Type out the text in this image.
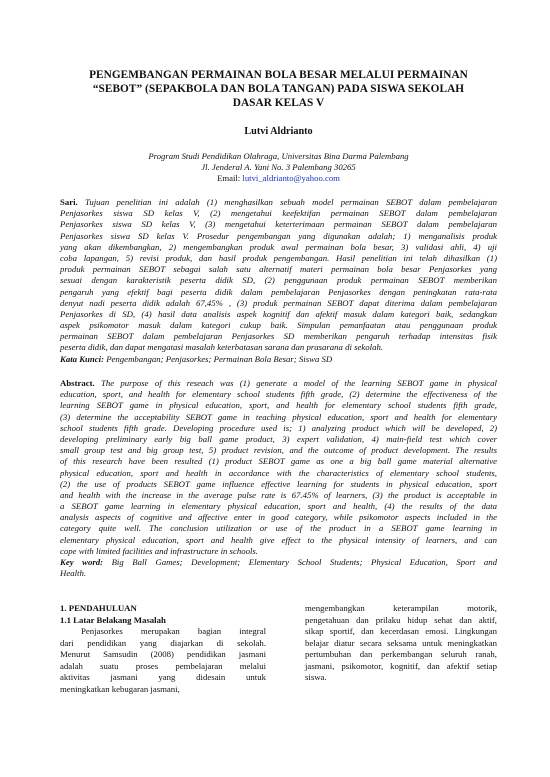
PENGEMBANGAN PERMAINAN BOLA BESAR MELALUI PERMAINAN
“SEBOT” (SEPAKBOLA DAN BOLA TANGAN) PADA SISWA SEKOLAH
DASAR KELAS V
Lutvi Aldrianto
Program Studi Pendidikan Olahraga, Universitas Bina Darma Palembang
Jl. Jenderal A. Yani No. 3 Palembang 30265
Email: lutvi_aldrianto@yahoo.com
Sari. Tujuan penelitian ini adalah (1) menghasilkan sebuah model permainan SEBOT dalam pembelajaran
Penjasorkes siswa SD kelas V, (2) mengetahui keefektifan permainan SEBOT dalam pembelajaran
Penjasorkes siswa SD kelas V, (3) mengetahui keterterimaan permainan SEBOT dalam pembelajaran
Penjasorkes siswa SD kelas V. Prosedur pengembangan yang digunakan adalah; 1) menganalisis produk
yang akan dikembangkan, 2) mengembangkan produk awal permainan bola besar, 3) validasi ahli, 4) uji
coba lapangan, 5) revisi produk, dan hasil produk pengembangan. Hasil penelitian ini telah dihasilkan (1)
produk permainan SEBOT sebagai salah satu alternatif materi permainan bola besar Penjasorkes yang
sesuai dengan karakteristik peserta didik SD, (2) penggunaan produk permainan SEBOT memberikan
pengaruh yang efektif bagi peserta didik dalam pembelajaran Penjasorkes dengan peningkatan rata-rata
denyut nadi peserta didik adalah 67,45% , (3) produk permainan SEBOT dapat diterima dalam pembelajaran
Penjasorkes di SD, (4) hasil data analisis aspek kognitif dan afektif masuk dalam kategori baik, sedangkan
aspek psikomotor masuk dalam kategori cukup baik. Simpulan pemanfaatan atau penggunaan produk
permainan SEBOT dalam pembelajaran Penjasorkes SD memberikan pengaruh terhadap intensitas fisik
peserta didik, dan dapat mengatasi masalah keterbatasan sarana dan prasarana di sekolah.
Kata Kunci: Pengembangan; Penjasorkes; Permainan Bola Besar; Siswa SD
Abstract. The purpose of this reseach was (1) generate a model of the learning SEBOT game in physical
education, sport, and health for elementary school students fifth grade, (2) determine the effectiveness of the
learning SEBOT game in physical education, sport, and health for elementary school students fifth grade,
(3) determine the acceptability SEBOT game in teaching physical education, sport and health for elementary
school students fifth grade. Developing procedure used is; 1) analyzing product which will be developed, 2)
developing preliminary early big ball game product, 3) expert validation, 4) main-field test which cover
small group test and big group test, 5) product revision, and the outcome of product development. The results
of this research have been resulted (1) product SEBOT game as one a big ball game material alternative
physical education, sport and health in accordance with the characteristics of elementary school students,
(2) the use of products SEBOT game influence effective learning for students in physical education, sport
and health with the increase in the average pulse rate is 67.45% of learners, (3) the product is acceptable in
a SEBOT game learning in elementary physical education, sport and health, (4) the results of the data
analysis aspects of cognitive and affective enter in good category, while psikomotor aspects included in the
category quite well. The conclusion utilization or use of the product in a SEBOT game learning in
elementary physical education, sport and health give effect to the physical intensity of learners, and can
cope with limited facilities and infrastructure in schools.
Key word: Big Ball Games; Development; Elementary School Students; Physical Education, Sport and
Health.
1. PENDAHULUAN
1.1 Latar Belakang Masalah
Penjasorkes merupakan bagian integral
dari pendidikan yang diajarkan di sekolah.
Menurut Samsudin (2008) pendidikan jasmani
adalah suatu proses pembelajaran melalui
aktivitas jasmani yang didesain untuk
meningkatkan kebugaran jasmani,
mengembangkan keterampilan motorik,
pengetahuan dan prilaku hidup sehat dan aktif,
sikap sportif, dan kecerdasan emosi. Lingkungan
belajar diatur secara seksama untuk meningkatkan
pertumbuhan dan perkembangan seluruh ranah,
jasmani, psikomotor, kognitif, dan afektif setiap
siswa.
